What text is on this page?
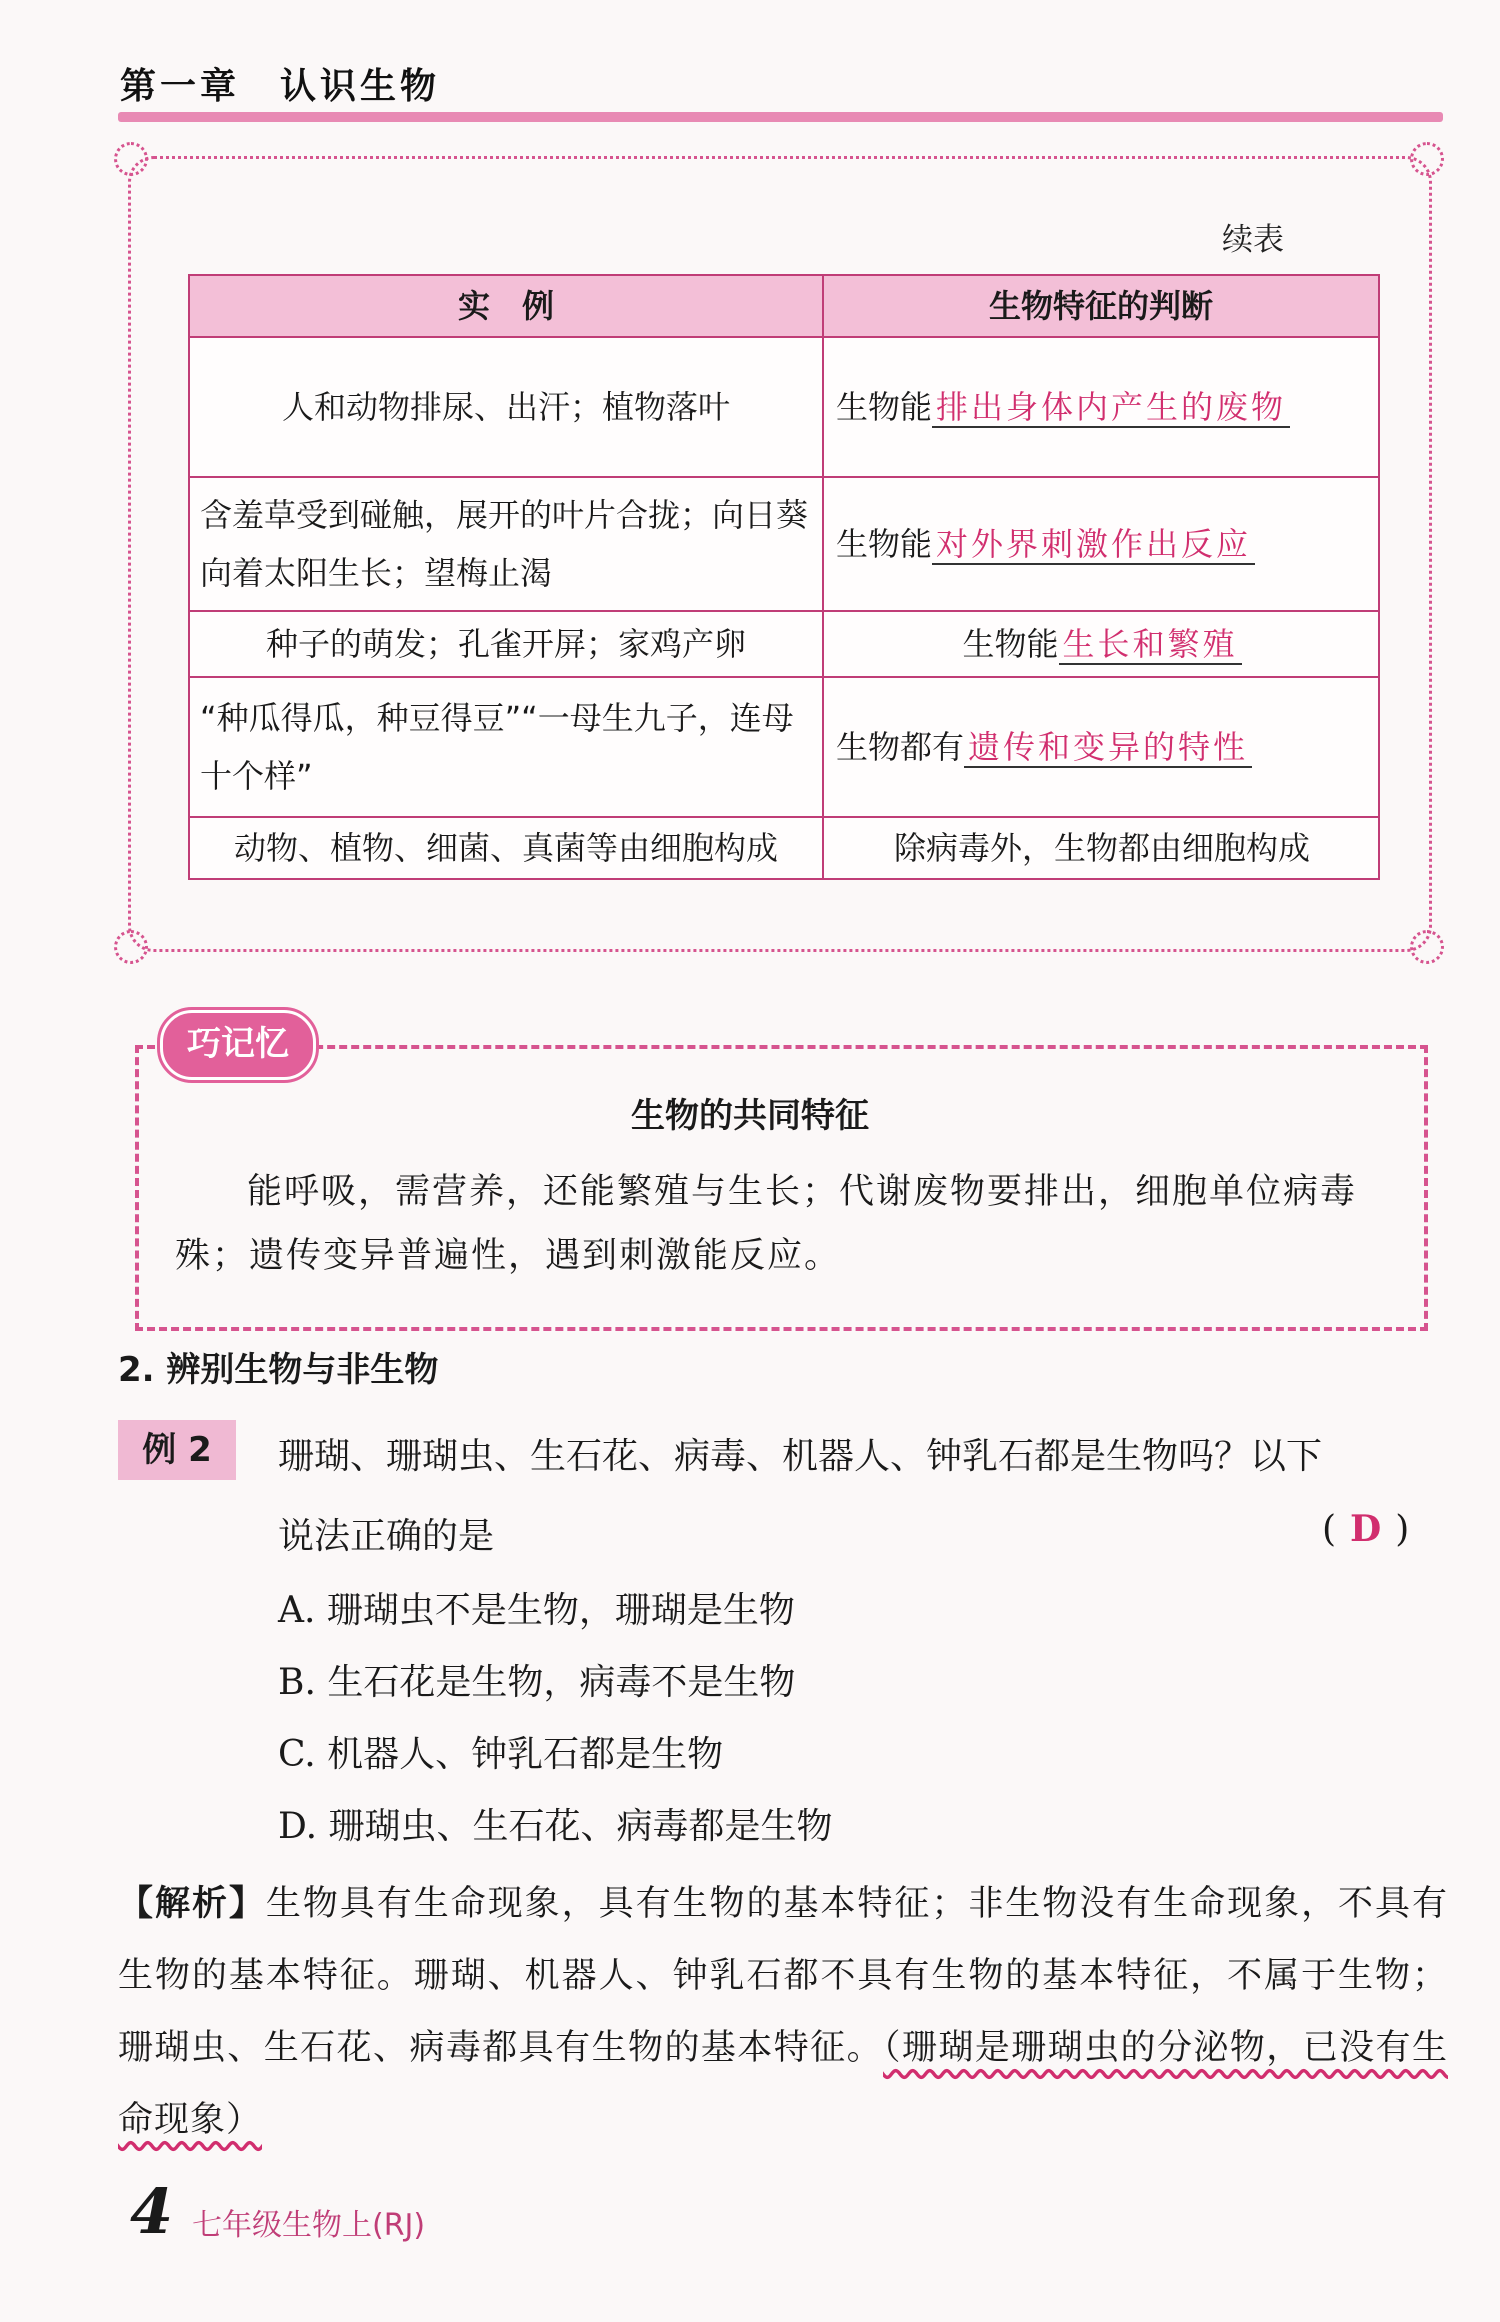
第一章　认识生物
续表
实　例	生物特征的判断
人和动物排尿、出汗；植物落叶	生物能 排出身体内产生的废物
含羞草受到碰触，展开的叶片合拢；向日葵向着太阳生长；望梅止渴	生物能 对外界刺激作出反应
种子的萌发；孔雀开屏；家鸡产卵	生物能 生长和繁殖
“种瓜得瓜，种豆得豆”“一母生九子，连母十个样”	生物都有 遗传和变异的特性
动物、植物、细菌、真菌等由细胞构成	除病毒外，生物都由细胞构成
巧记忆
生物的共同特征
能呼吸，需营养，还能繁殖与生长；代谢废物要排出，细胞单位病毒殊；遗传变异普遍性，遇到刺激能反应。
2. 辨别生物与非生物
例 2	珊瑚、珊瑚虫、生石花、病毒、机器人、钟乳石都是生物吗？以下
说法正确的是	( D )
A. 珊瑚虫不是生物，珊瑚是生物
B. 生石花是生物，病毒不是生物
C. 机器人、钟乳石都是生物
D. 珊瑚虫、生石花、病毒都是生物
【解析】生物具有生命现象，具有生物的基本特征；非生物没有生命现象，不具有生物的基本特征。珊瑚、机器人、钟乳石都不具有生物的基本特征，不属于生物；珊瑚虫、生石花、病毒都具有生物的基本特征。（珊瑚是珊瑚虫的分泌物，已没有生命现象）
4 七年级生物上(RJ)
